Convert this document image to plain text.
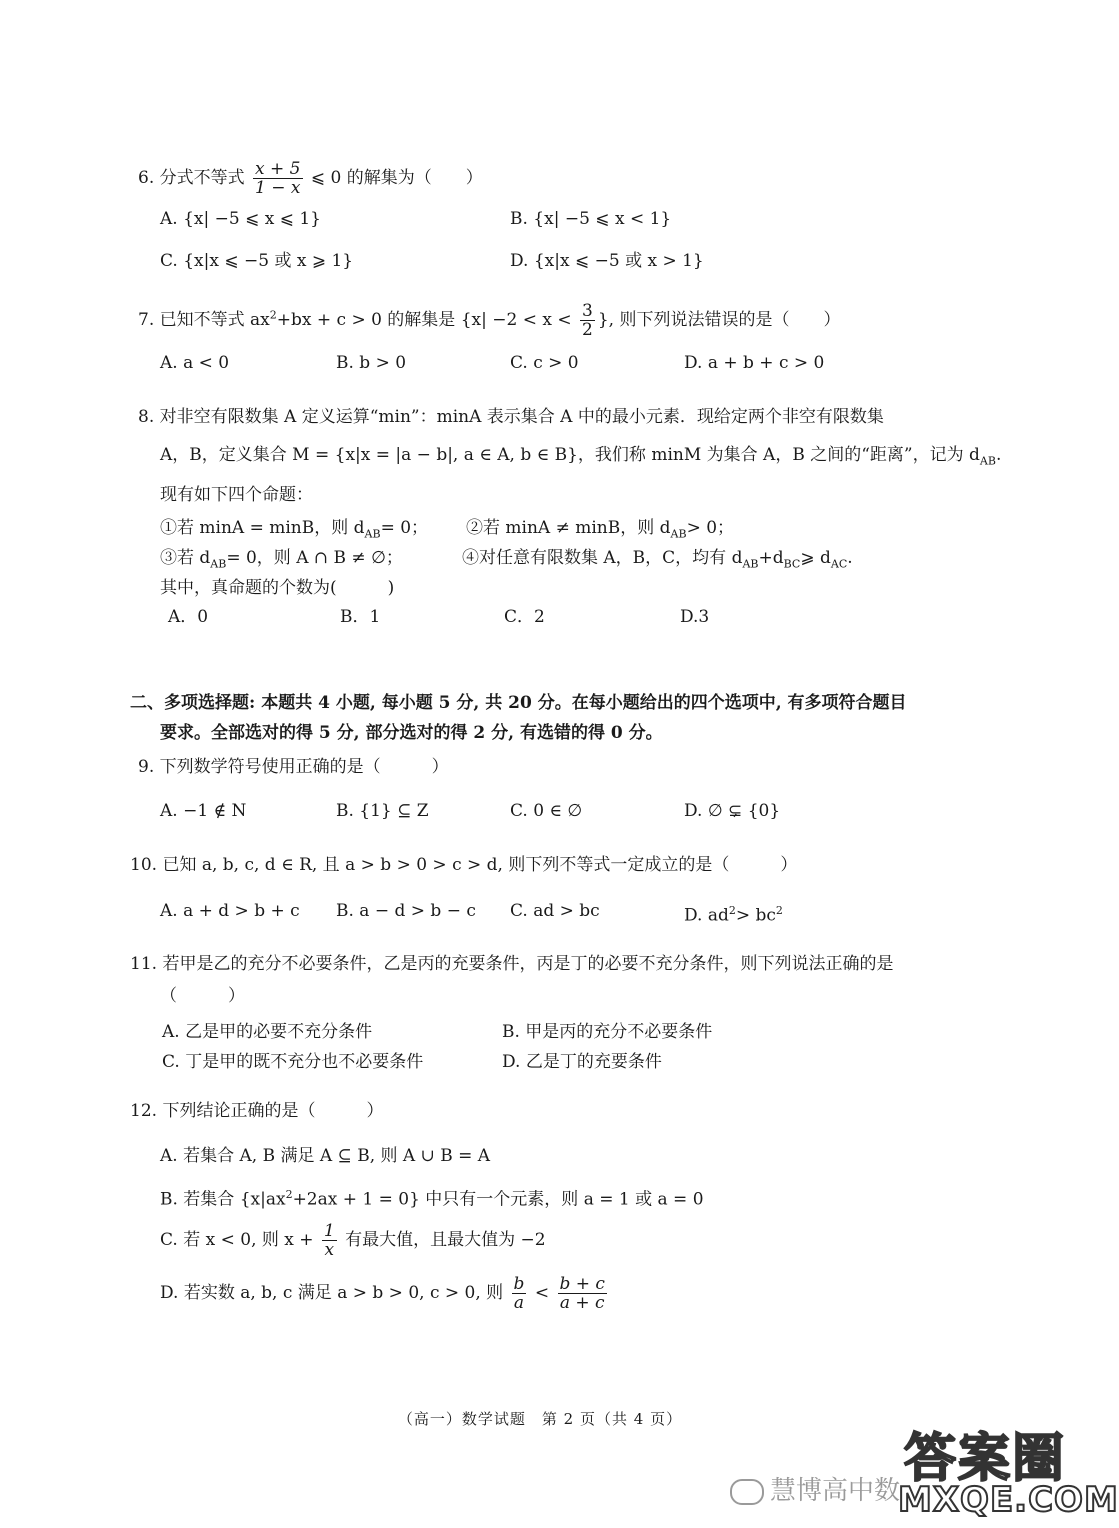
6. 分式不等式 $\frac{x + 5}{1 - x}$ ⩽ 0 的解集为（　　）
A. {x| −5 ⩽ x ⩽ 1}	B. {x| −5 ⩽ x < 1}
C. {x|x ⩽ −5 或 x ⩾ 1}	D. {x|x ⩽ −5 或 x > 1}
7. 已知不等式 $ax^2+bx + c > 0$ 的解集是 {$x| -2 < x < \frac{3}{2}$ }, 则下列说法错误的是（　　）
A. a < 0	B. b > 0	C. c > 0	D. a + b + c > 0
8. 对非空有限数集 A 定义运算“min”：minA 表示集合 A 中的最小元素．现给定两个非空有限数集
A，B，定义集合 M = {x|x = |a − b|, a ∈ A, b ∈ B}，我们称 minM 为集合 A，B 之间的“距离”，记为 $d_{AB}$.
现有如下四个命题：
①若 minA = minB，则 $d_{AB}= 0$； ②若 minA ≠ minB，则 $d_{AB}> 0$；
③若 $d_{AB}= 0$，则 A ∩ B ≠ ∅；	④对任意有限数集 A，B，C，均有 $d_{AB}+d_{BC}⩾$ $d_{AC}$.
其中，真命题的个数为(　　　)
A．0	B．1	C．2	D.3
二、多项选择题: 本题共 4 小题, 每小题 5 分, 共 20 分。在每小题给出的四个选项中, 有多项符合题目
要求。全部选对的得 5 分, 部分选对的得 2 分, 有选错的得 0 分。
9. 下列数学符号使用正确的是（　　　）
A. −1 ∉ N	B. {1} ⊆ Z	C. 0 ∈ ∅	D. ∅ ⊊ {0}
10. 已知 a, b, c, d ∈ R, 且 a > b > 0 > c > d, 则下列不等式一定成立的是（　　　）
A. a + d > b + c B. a − d > b − c C. ad > bc	D. $ad^2> bc^2$
11. 若甲是乙的充分不必要条件，乙是丙的充要条件，丙是丁的必要不充分条件，则下列说法正确的是
（　　　）
A. 乙是甲的必要不充分条件	B. 甲是丙的充分不必要条件
C. 丁是甲的既不充分也不必要条件	D. 乙是丁的充要条件
12. 下列结论正确的是（　　　）
A. 若集合 A, B 满足 A ⊆ B, 则 A ∪ B = A
B. 若集合 $\{x|ax^2+2ax + 1 = 0\}$ 中只有一个元素，则 a = 1 或 a = 0
C. 若 x < 0, 则 $x + \frac{1}{x}$ 有最大值，且最大值为 −2
D. 若实数 a, b, c 满足 a > b > 0, c > 0, 则 $\frac{b}{a} < \frac{b + c}{a + c}$
（高一）数学试题　第 2 页（共 4 页）
慧博高中数
答案圈
MXQE.COM
